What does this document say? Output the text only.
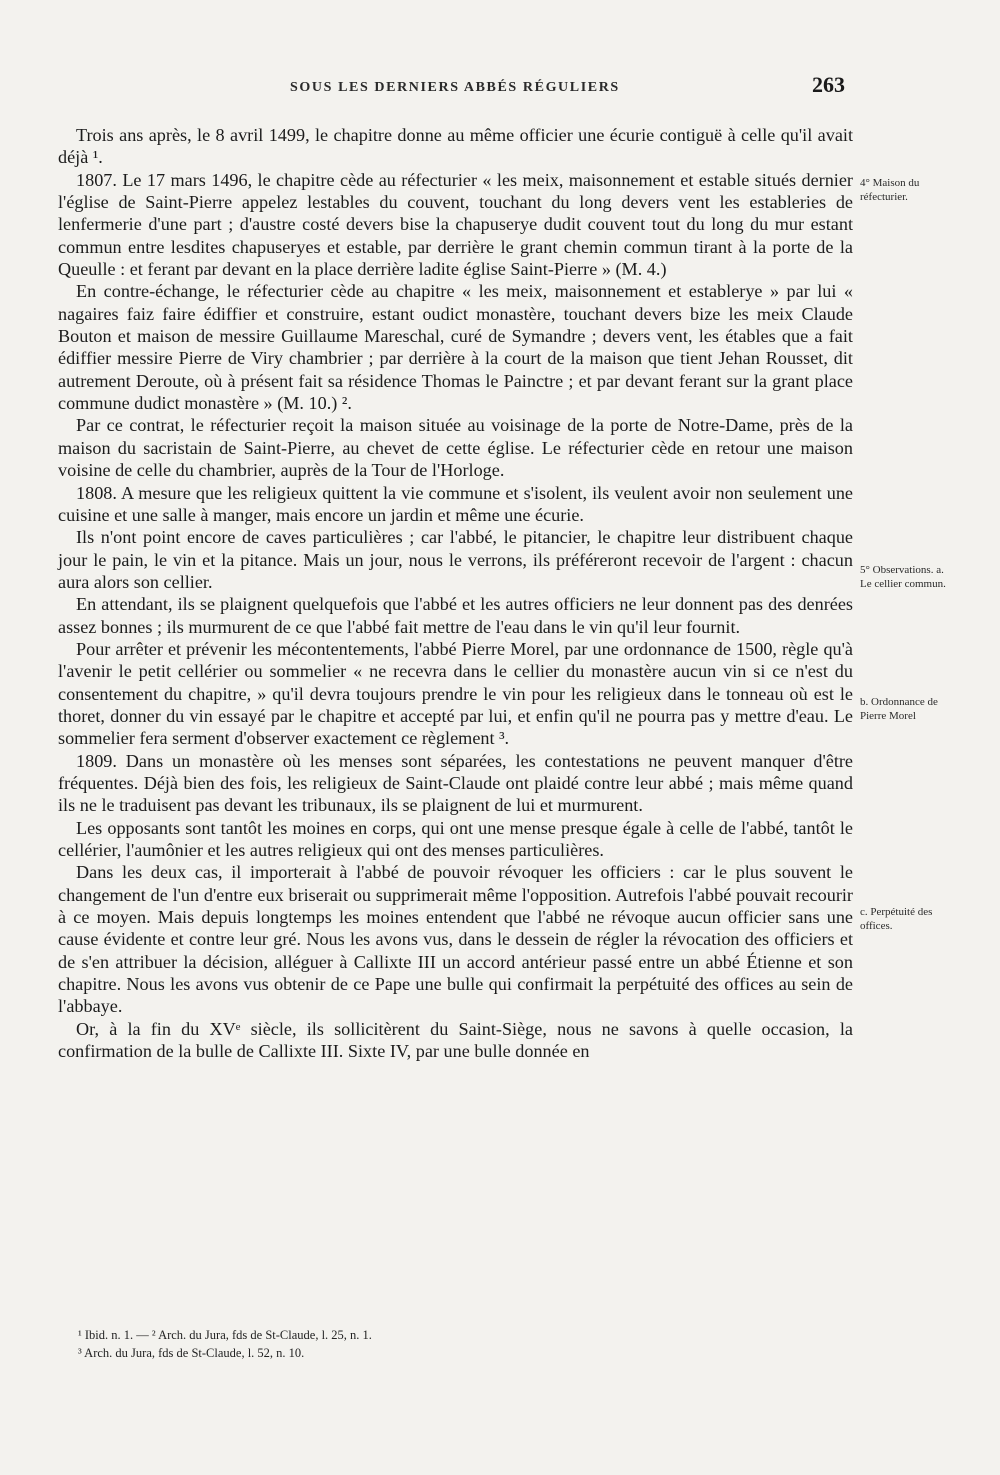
SOUS LES DERNIERS ABBÉS RÉGULIERS	263

Trois ans après, le 8 avril 1499, le chapitre donne au même officier une écurie contiguë à celle qu'il avait déjà ¹.

1807. Le 17 mars 1496, le chapitre cède au réfecturier « les meix, maisonnement et estable situés dernier l'église de Saint-Pierre appelez lestables du couvent, touchant du long devers vent les estableries de lenfermerie d'une part ; d'austre costé devers bise la chapuserye dudit couvent tout du long du mur estant commun entre lesdites chapuseryes et estable, par derrière le grant chemin commun tirant à la porte de la Queulle : et ferant par devant en la place derrière ladite église Saint-Pierre » (M. 4.)

En contre-échange, le réfecturier cède au chapitre « les meix, maisonnement et establerye » par lui « nagaires faiz faire édiffier et construire, estant oudict monastère, touchant devers bize les meix Claude Bouton et maison de messire Guillaume Mareschal, curé de Symandre ; devers vent, les étables que a fait édiffier messire Pierre de Viry chambrier ; par derrière à la court de la maison que tient Jehan Rousset, dit autrement Deroute, où à présent fait sa résidence Thomas le Painctre ; et par devant ferant sur la grant place commune dudict monastère » (M. 10.) ².

Par ce contrat, le réfecturier reçoit la maison située au voisinage de la porte de Notre-Dame, près de la maison du sacristain de Saint-Pierre, au chevet de cette église. Le réfecturier cède en retour une maison voisine de celle du chambrier, auprès de la Tour de l'Horloge.

1808. A mesure que les religieux quittent la vie commune et s'isolent, ils veulent avoir non seulement une cuisine et une salle à manger, mais encore un jardin et même une écurie.

Ils n'ont point encore de caves particulières ; car l'abbé, le pitancier, le chapitre leur distribuent chaque jour le pain, le vin et la pitance. Mais un jour, nous le verrons, ils préféreront recevoir de l'argent : chacun aura alors son cellier.

En attendant, ils se plaignent quelquefois que l'abbé et les autres officiers ne leur donnent pas des denrées assez bonnes ; ils murmurent de ce que l'abbé fait mettre de l'eau dans le vin qu'il leur fournit.

Pour arrêter et prévenir les mécontentements, l'abbé Pierre Morel, par une ordonnance de 1500, règle qu'à l'avenir le petit cellérier ou sommelier « ne recevra dans le cellier du monastère aucun vin si ce n'est du consentement du chapitre, » qu'il devra toujours prendre le vin pour les religieux dans le tonneau où est le thoret, donner du vin essayé par le chapitre et accepté par lui, et enfin qu'il ne pourra pas y mettre d'eau. Le sommelier fera serment d'observer exactement ce règlement ³.

1809. Dans un monastère où les menses sont séparées, les contestations ne peuvent manquer d'être fréquentes. Déjà bien des fois, les religieux de Saint-Claude ont plaidé contre leur abbé ; mais même quand ils ne le traduisent pas devant les tribunaux, ils se plaignent de lui et murmurent.

Les opposants sont tantôt les moines en corps, qui ont une mense presque égale à celle de l'abbé, tantôt le cellérier, l'aumônier et les autres religieux qui ont des menses particulières.

Dans les deux cas, il importerait à l'abbé de pouvoir révoquer les officiers : car le plus souvent le changement de l'un d'entre eux briserait ou supprimerait même l'opposition. Autrefois l'abbé pouvait recourir à ce moyen. Mais depuis longtemps les moines entendent que l'abbé ne révoque aucun officier sans une cause évidente et contre leur gré. Nous les avons vus, dans le dessein de régler la révocation des officiers et de s'en attribuer la décision, alléguer à Callixte III un accord antérieur passé entre un abbé Étienne et son chapitre. Nous les avons vus obtenir de ce Pape une bulle qui confirmait la perpétuité des offices au sein de l'abbaye.

Or, à la fin du XVᵉ siècle, ils sollicitèrent du Saint-Siège, nous ne savons à quelle occasion, la confirmation de la bulle de Callixte III. Sixte IV, par une bulle donnée en

4° Maison du réfecturier.

5° Observations. a. Le cellier commun.

b. Ordonnance de Pierre Morel

c. Perpétuité des offices.

¹ Ibid. n. 1. — ² Arch. du Jura, fds de St-Claude, l. 25, n. 1.

³ Arch. du Jura, fds de St-Claude, l. 52, n. 10.
